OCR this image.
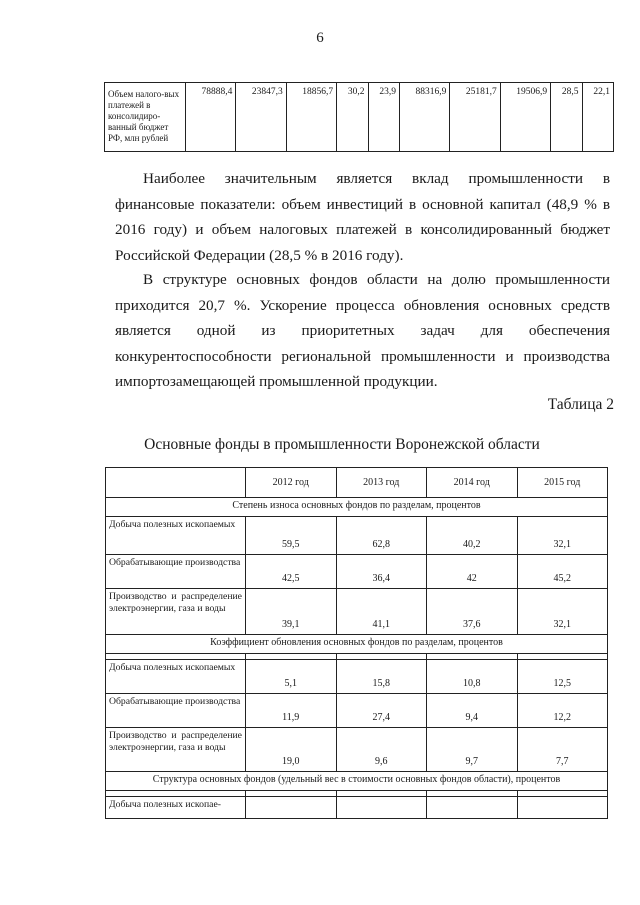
6
Объем налого-вых платежей в консолидиро-ванный бюджет РФ, млн рублей	78888,4	23847,3	18856,7	30,2	23,9	88316,9	25181,7	19506,9	28,5	22,1

Наиболее значительным является вклад промышленности в финансовые показатели: объем инвестиций в основной капитал (48,9 % в 2016 году) и объем налоговых платежей в консолидированный бюджет Российской Федерации (28,5 % в 2016 году).

В структуре основных фондов области на долю промышленности приходится 20,7 %. Ускорение процесса обновления основных средств является одной из приоритетных задач для обеспечения конкурентоспособности региональной промышленности и производства импортозамещающей промышленной продукции.

Таблица 2
Основные фонды в промышленности Воронежской области
	2012 год	2013 год	2014 год	2015 год
Степень износа основных фондов по разделам, процентов				
Добыча полезных ископаемых	59,5	62,8	40,2	32,1
Обрабатывающие производства	42,5	36,4	42	45,2
Производство и распределение электроэнергии, газа и воды	39,1	41,1	37,6	32,1
Коэффициент обновления основных фондов по разделам, процентов				

Добыча полезных ископаемых	5,1	15,8	10,8	12,5
Обрабатывающие производства	11,9	27,4	9,4	12,2
Производство и распределение электроэнергии, газа и воды	19,0	9,6	9,7	7,7
Структура основных фондов (удельный вес в стоимости основных фондов области), процентов				

Добыча полезных ископае-				
